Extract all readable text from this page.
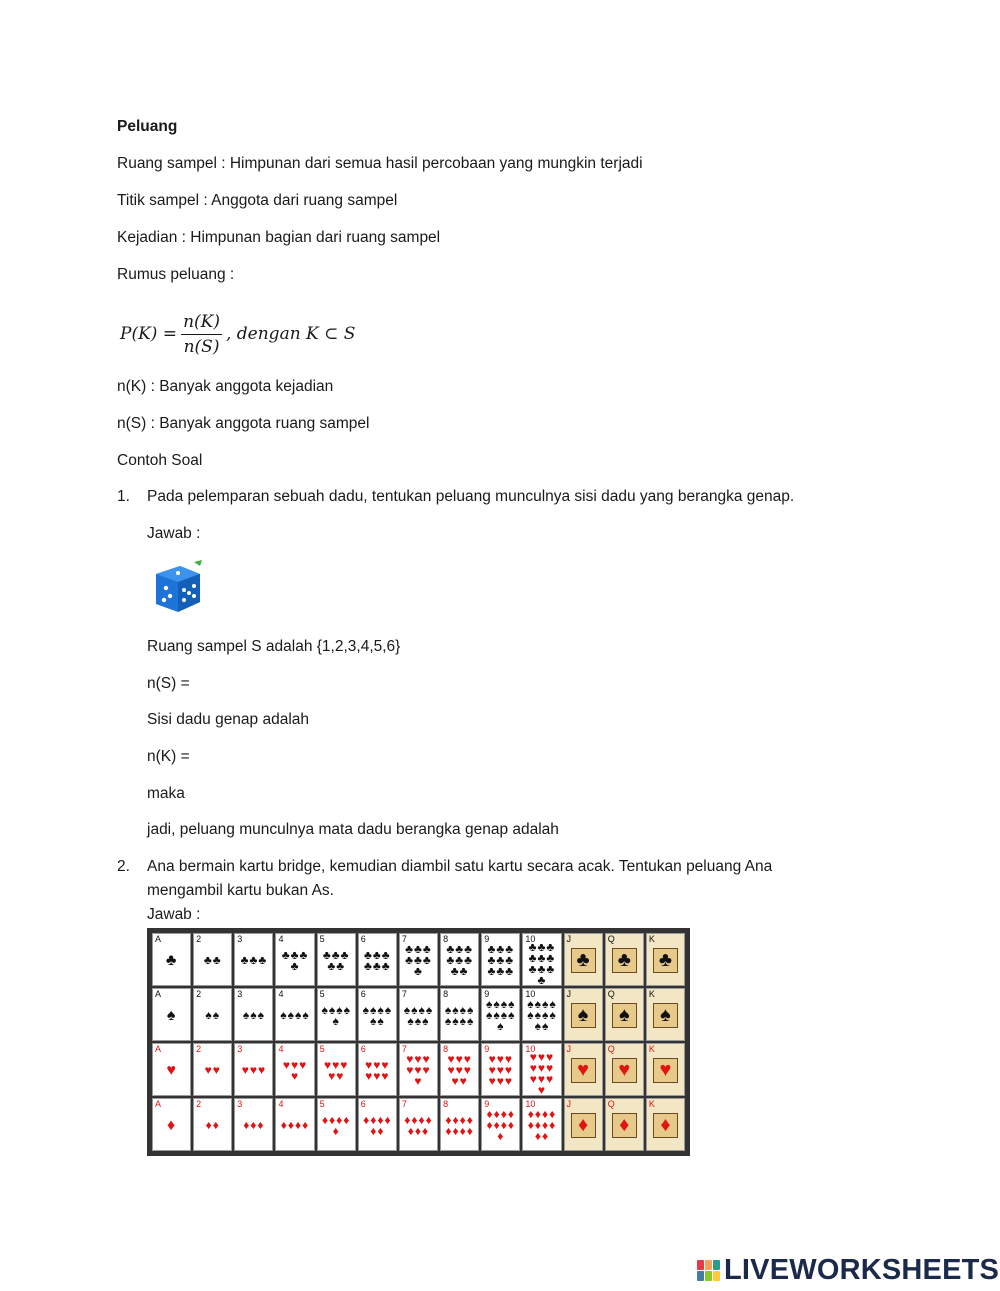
Peluang
Ruang sampel : Himpunan dari semua hasil percobaan yang mungkin terjadi
Titik sampel : Anggota dari ruang sampel
Kejadian : Himpunan bagian dari ruang sampel
Rumus peluang :
$P(K) = \frac{n(K)}{n(S)}$ , dengan K ⊂ S
n(K) : Banyak anggota kejadian
n(S) : Banyak anggota ruang sampel
Contoh Soal
1. Pada pelemparan sebuah dadu, tentukan peluang munculnya sisi dadu yang berangka genap.
Jawab :
Ruang sampel S adalah {1,2,3,4,5,6}
n(S) =
Sisi dadu genap adalah
n(K) =
maka
jadi, peluang munculnya mata dadu berangka genap adalah
2. Ana bermain kartu bridge, kemudian diambil satu kartu secara acak. Tentukan peluang Ana
mengambil kartu bukan As.
Jawab :
A
♣
2
♣♣
3
♣♣♣
4
♣♣♣♣
5
♣♣♣♣♣
6
♣♣♣♣♣♣
7
♣♣♣♣♣♣♣
8
♣♣♣♣♣♣♣♣
9
♣♣♣♣♣♣♣♣♣
10
♣♣♣♣♣♣♣♣♣♣
J
♣
Q
♣
K
♣
A
♠
2
♠♠
3
♠♠♠
4
♠♠♠♠
5
♠♠♠♠♠
6
♠♠♠♠♠♠
7
♠♠♠♠♠♠♠
8
♠♠♠♠♠♠♠♠
9
♠♠♠♠♠♠♠♠♠
10
♠♠♠♠♠♠♠♠♠♠
J
♠
Q
♠
K
♠
A
♥
2
♥♥
3
♥♥♥
4
♥♥♥♥
5
♥♥♥♥♥
6
♥♥♥♥♥♥
7
♥♥♥♥♥♥♥
8
♥♥♥♥♥♥♥♥
9
♥♥♥♥♥♥♥♥♥
10
♥♥♥♥♥♥♥♥♥♥
J
♥
Q
♥
K
♥
A
♦
2
♦♦
3
♦♦♦
4
♦♦♦♦
5
♦♦♦♦♦
6
♦♦♦♦♦♦
7
♦♦♦♦♦♦♦
8
♦♦♦♦♦♦♦♦
9
♦♦♦♦♦♦♦♦♦
10
♦♦♦♦♦♦♦♦♦♦
J
♦
Q
♦
K
♦
LIVEWORKSHEETS
